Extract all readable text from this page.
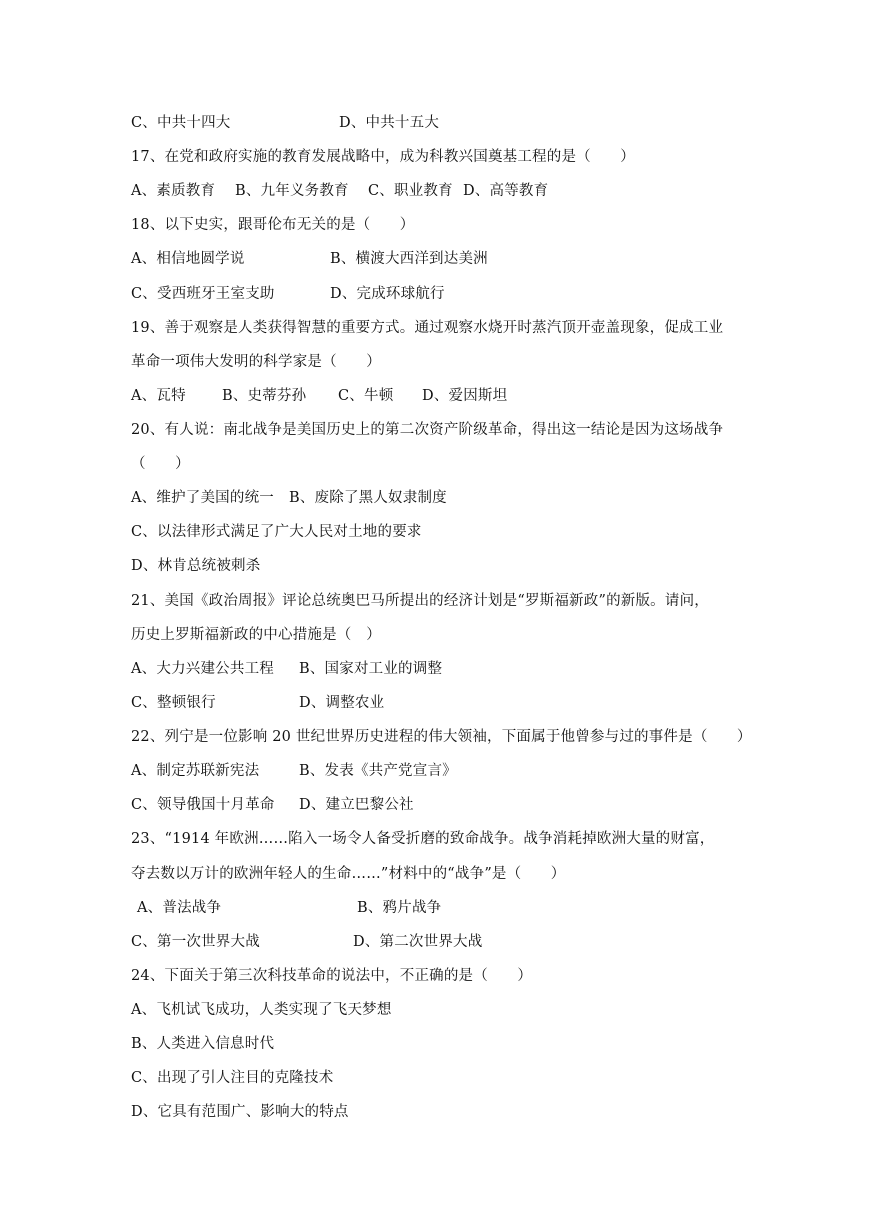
C、中共十四大	D、中共十五大
17、在党和政府实施的教育发展战略中，成为科教兴国奠基工程的是（　　）
A、素质教育 B、九年义务教育 C、职业教育 D、高等教育
18、以下史实，跟哥伦布无关的是（　　）
A、相信地圆学说	B、横渡大西洋到达美洲
C、受西班牙王室支助	D、完成环球航行
19、善于观察是人类获得智慧的重要方式。通过观察水烧开时蒸汽顶开壶盖现象，促成工业
革命一项伟大发明的科学家是（　　）
A、瓦特 B、史蒂芬孙 C、牛顿 D、爱因斯坦
20、有人说：南北战争是美国历史上的第二次资产阶级革命，得出这一结论是因为这场战争
（　　）
A、维护了美国的统一 B、废除了黑人奴隶制度
C、以法律形式满足了广大人民对土地的要求
D、林肯总统被刺杀
21、美国《政治周报》评论总统奥巴马所提出的经济计划是“罗斯福新政”的新版。请问，
历史上罗斯福新政的中心措施是（　）
A、大力兴建公共工程 B、国家对工业的调整
C、整顿银行	D、调整农业
22、列宁是一位影响 20 世纪世界历史进程的伟大领袖，下面属于他曾参与过的事件是（　　）
A、制定苏联新宪法	B、发表《共产党宣言》
C、领导俄国十月革命 D、建立巴黎公社
23、“1914 年欧洲……陷入一场令人备受折磨的致命战争。战争消耗掉欧洲大量的财富，
夺去数以万计的欧洲年轻人的生命……”材料中的“战争”是（　　）
A、普法战争	B、鸦片战争
C、第一次世界大战	D、第二次世界大战
24、下面关于第三次科技革命的说法中，不正确的是（　　）
A、飞机试飞成功，人类实现了飞天梦想
B、人类进入信息时代
C、出现了引人注目的克隆技术
D、它具有范围广、影响大的特点
